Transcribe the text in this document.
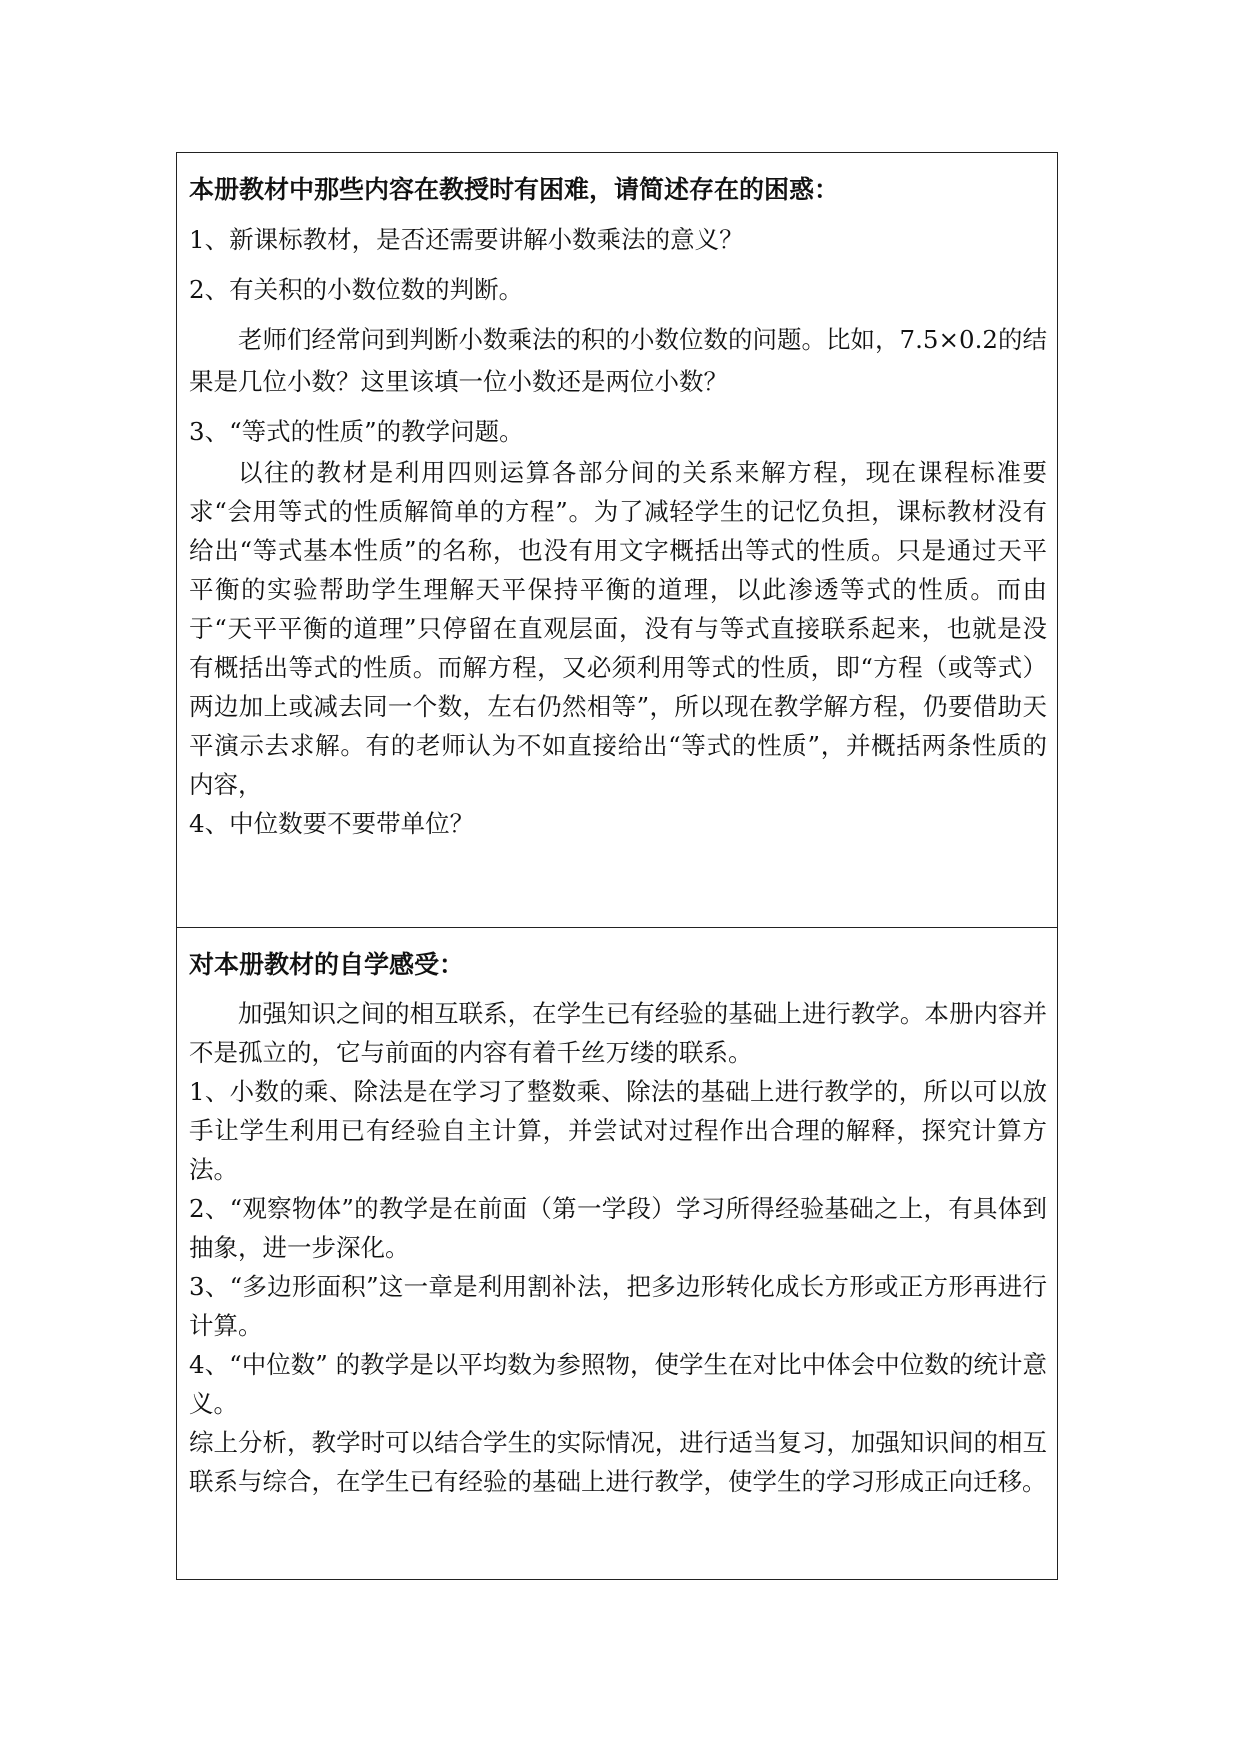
本册教材中那些内容在教授时有困难，请简述存在的困惑：

1、新课标教材，是否还需要讲解小数乘法的意义？

2、有关积的小数位数的判断。

老师们经常问到判断小数乘法的积的小数位数的问题。比如，7.5×0.2的结果是几位小数？这里该填一位小数还是两位小数？

3、“等式的性质”的教学问题。

以往的教材是利用四则运算各部分间的关系来解方程，现在课程标准要求“会用等式的性质解简单的方程”。为了减轻学生的记忆负担，课标教材没有给出“等式基本性质”的名称，也没有用文字概括出等式的性质。只是通过天平平衡的实验帮助学生理解天平保持平衡的道理，以此渗透等式的性质。而由于“天平平衡的道理”只停留在直观层面，没有与等式直接联系起来，也就是没有概括出等式的性质。而解方程，又必须利用等式的性质，即“方程（或等式）两边加上或减去同一个数，左右仍然相等”，所以现在教学解方程，仍要借助天平演示去求解。有的老师认为不如直接给出“等式的性质”，并概括两条性质的内容，

4、中位数要不要带单位？

对本册教材的自学感受：

加强知识之间的相互联系，在学生已有经验的基础上进行教学。本册内容并不是孤立的，它与前面的内容有着千丝万缕的联系。

1、小数的乘、除法是在学习了整数乘、除法的基础上进行教学的，所以可以放手让学生利用已有经验自主计算，并尝试对过程作出合理的解释，探究计算方法。

2、“观察物体”的教学是在前面（第一学段）学习所得经验基础之上，有具体到抽象，进一步深化。

3、“多边形面积”这一章是利用割补法，把多边形转化成长方形或正方形再进行计算。

4、“中位数” 的教学是以平均数为参照物，使学生在对比中体会中位数的统计意义。

综上分析，教学时可以结合学生的实际情况，进行适当复习，加强知识间的相互联系与综合，在学生已有经验的基础上进行教学，使学生的学习形成正向迁移。
